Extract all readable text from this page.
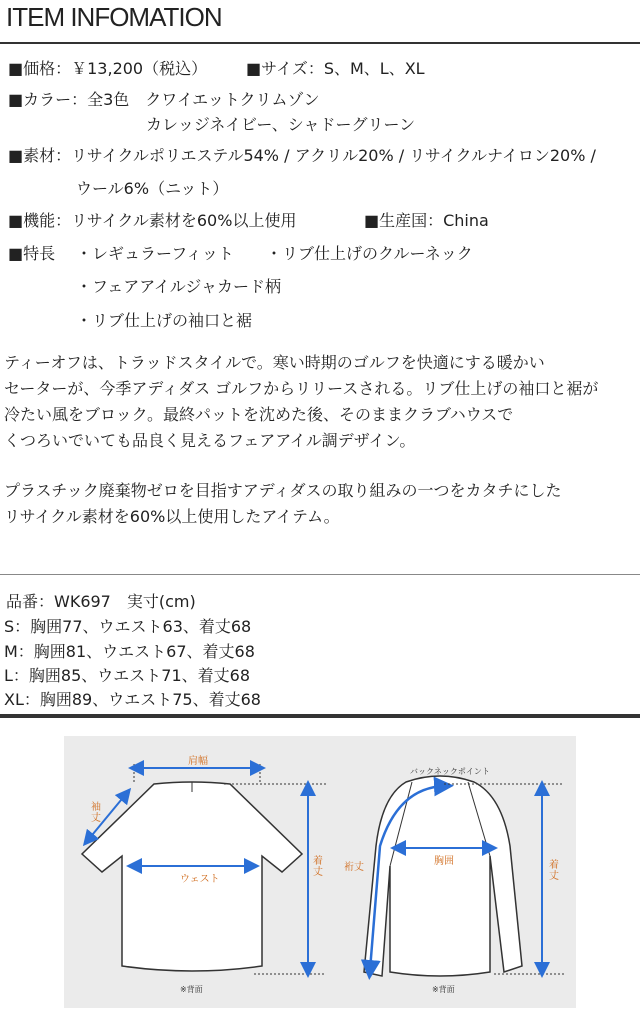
ITEM INFOMATION
■価格：￥13,200（税込） ■サイズ：S、M、L、XL
■カラー：全3色　クワイエットクリムゾン
カレッジネイビー、シャドーグリーン
■素材：リサイクルポリエステル54% / アクリル20% / リサイクルナイロン20% /
ウール6%（ニット）
■機能：リサイクル素材を60%以上使用	■生産国：China
■特長 ・レギュラーフィット ・リブ仕上げのクルーネック
・フェアアイルジャカード柄
・リブ仕上げの袖口と裾
ティーオフは、トラッドスタイルで。寒い時期のゴルフを快適にする暖かい
セーターが、今季アディダス ゴルフからリリースされる。リブ仕上げの袖口と裾が
冷たい風をブロック。最終パットを沈めた後、そのままクラブハウスで
くつろいでいても品良く見えるフェアアイル調デザイン。
プラスチック廃棄物ゼロを目指すアディダスの取り組みの一つをカタチにした
リサイクル素材を60%以上使用したアイテム。
品番：WK697　実寸(cm)
S：胸囲77、ウエスト63、着丈68
M：胸囲81、ウエスト67、着丈68
L：胸囲85、ウエスト71、着丈68
XL：胸囲89、ウエスト75、着丈68
肩幅
袖丈
ウェスト
着丈
※背面
バックネックポイント
裄丈
胸囲	着丈
※背面
